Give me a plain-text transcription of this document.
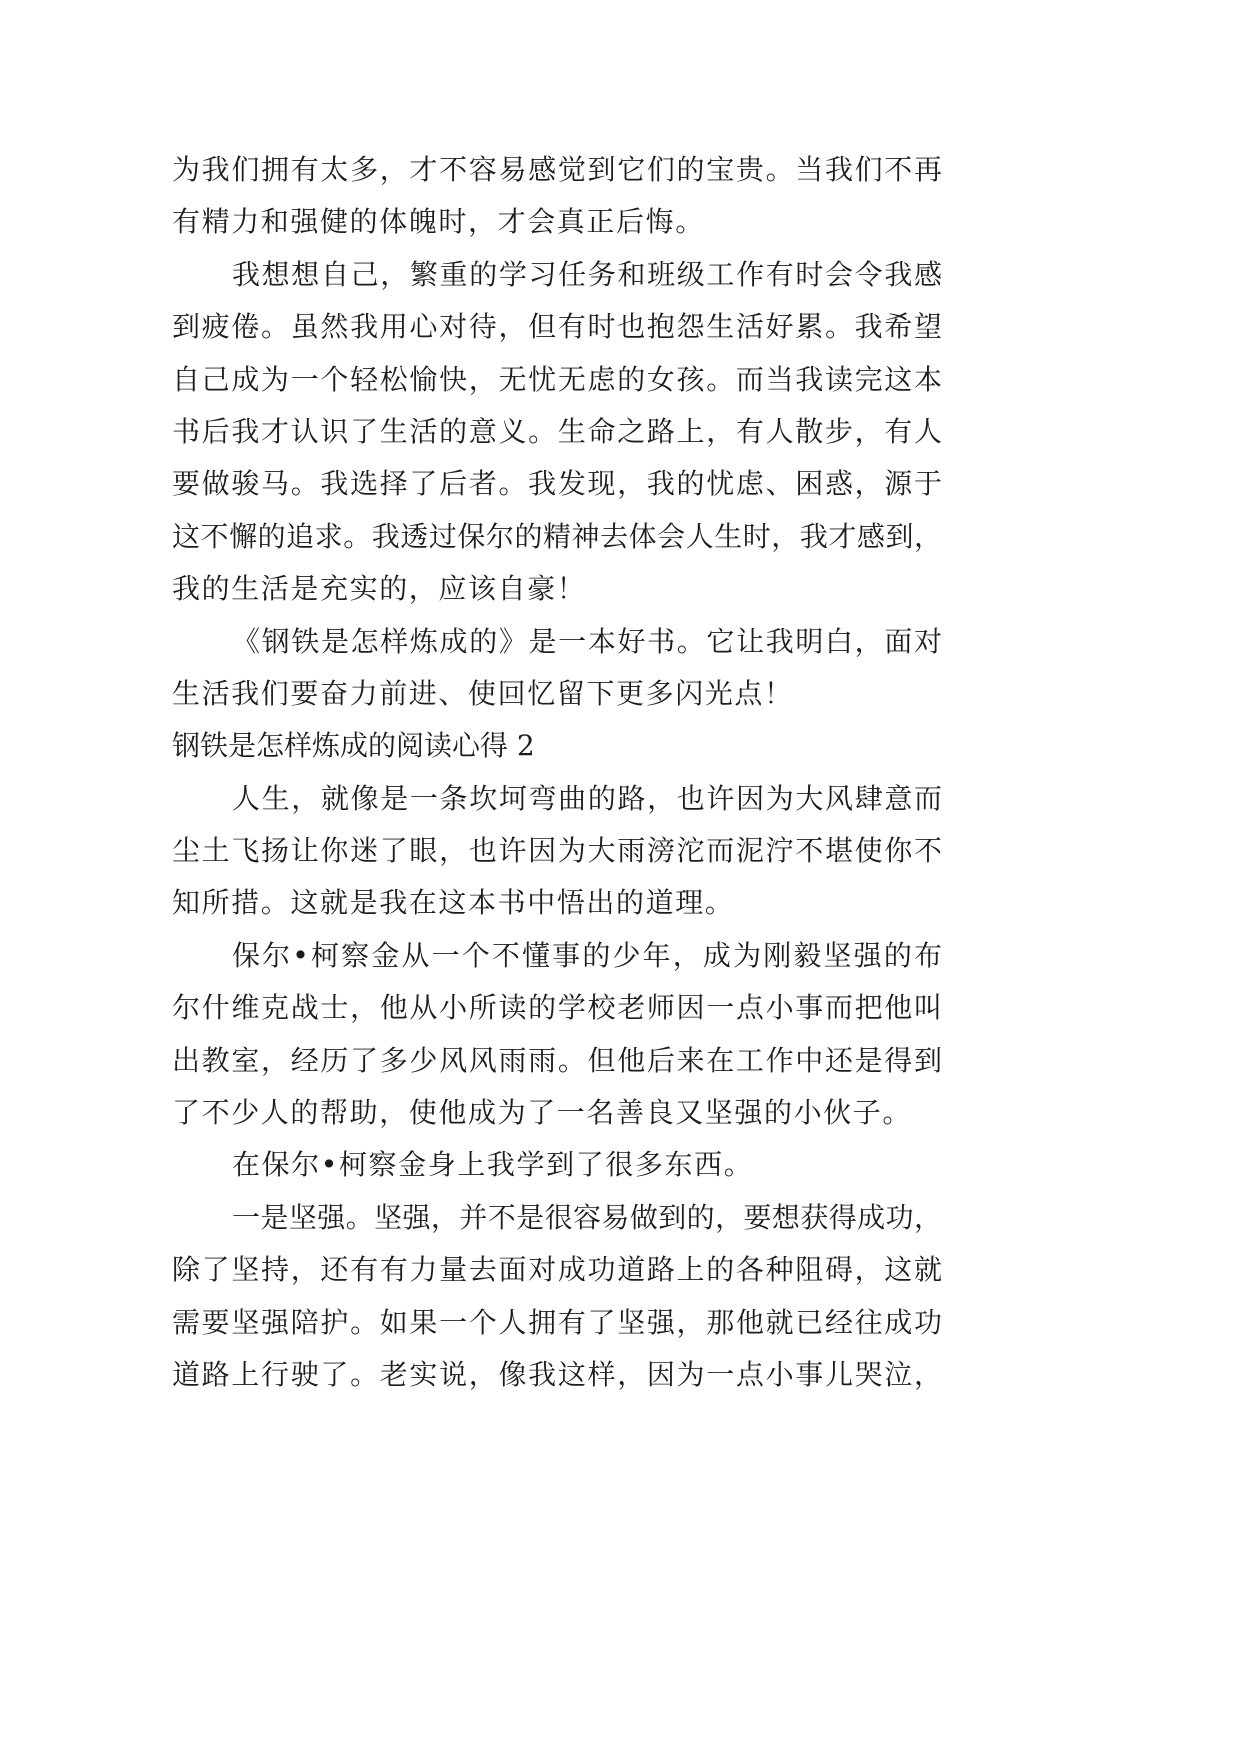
为我们拥有太多，才不容易感觉到它们的宝贵。当我们不再
有精力和强健的体魄时，才会真正后悔。
我想想自己，繁重的学习任务和班级工作有时会令我感
到疲倦。虽然我用心对待，但有时也抱怨生活好累。我希望
自己成为一个轻松愉快，无忧无虑的女孩。而当我读完这本
书后我才认识了生活的意义。生命之路上，有人散步，有人
要做骏马。我选择了后者。我发现，我的忧虑、困惑，源于
这不懈的追求。我透过保尔的精神去体会人生时，我才感到，
我的生活是充实的，应该自豪！
《钢铁是怎样炼成的》是一本好书。它让我明白，面对
生活我们要奋力前进、使回忆留下更多闪光点！
钢铁是怎样炼成的阅读心得 2
人生，就像是一条坎坷弯曲的路，也许因为大风肆意而
尘土飞扬让你迷了眼，也许因为大雨滂沱而泥泞不堪使你不
知所措。这就是我在这本书中悟出的道理。
保尔•柯察金从一个不懂事的少年，成为刚毅坚强的布
尔什维克战士，他从小所读的学校老师因一点小事而把他叫
出教室，经历了多少风风雨雨。但他后来在工作中还是得到
了不少人的帮助，使他成为了一名善良又坚强的小伙子。
在保尔•柯察金身上我学到了很多东西。
一是坚强。坚强，并不是很容易做到的，要想获得成功，
除了坚持，还有有力量去面对成功道路上的各种阻碍，这就
需要坚强陪护。如果一个人拥有了坚强，那他就已经往成功
道路上行驶了。老实说，像我这样，因为一点小事儿哭泣，
